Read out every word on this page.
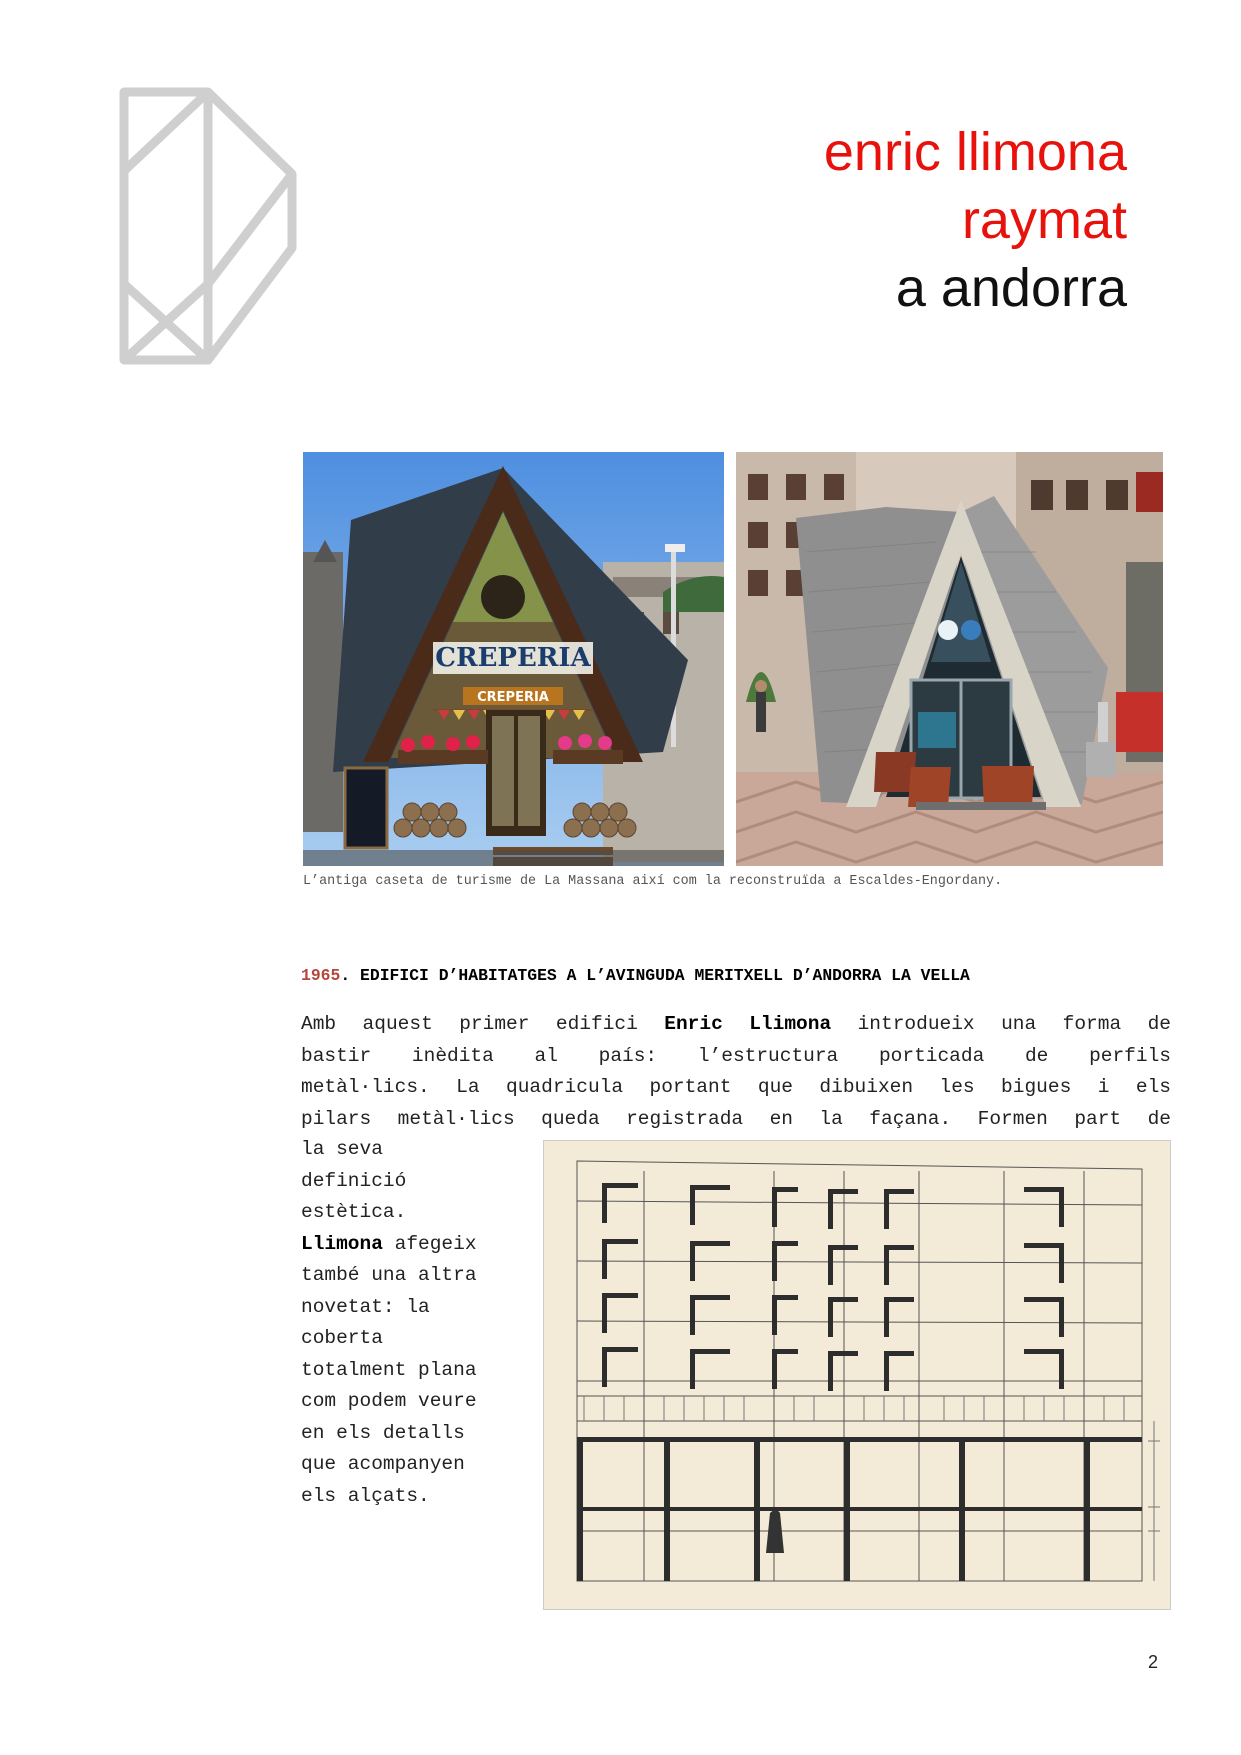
enric llimona
raymat
a andorra
CREPERIA
CREPERIA
L’antiga caseta de turisme de La Massana així com la reconstruïda a Escaldes-Engordany.
1965. EDIFICI D’HABITATGES A L’AVINGUDA MERITXELL D’ANDORRA LA VELLA
Amb aquest primer edifici Enric Llimona introdueix una forma de
bastir inèdita al país: l’estructura porticada de perfils
metàl·lics. La quadricula portant que dibuixen les bigues i els
pilars metàl·lics queda registrada en la façana. Formen part de
la seva
definició
estètica.
Llimona afegeix
també una altra
novetat: la
coberta
totalment plana
com podem veure
en els detalls
que acompanyen
els alçats.
2
